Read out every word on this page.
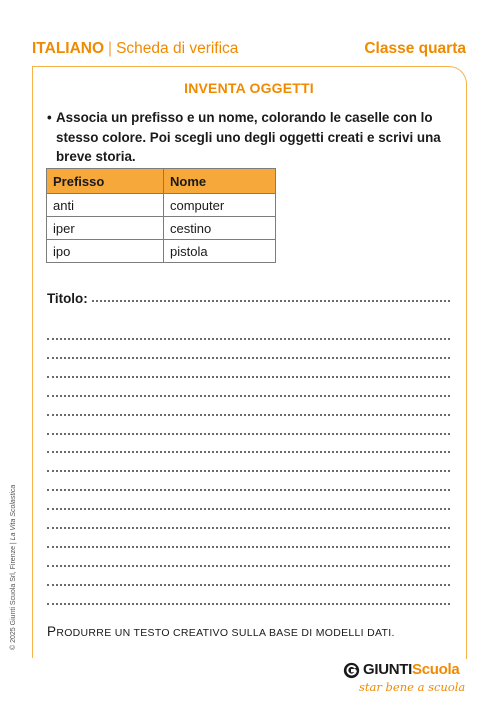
ITALIANO | Scheda di verifica	Classe quarta
INVENTA OGGETTI
• Associa un prefisso e un nome, colorando le caselle con lo stesso colore. Poi scegli uno degli oggetti creati e scrivi una breve storia.
Prefisso	Nome
anti	computer
iper	cestino
ipo	pistola
Titolo:
PRODURRE UN TESTO CREATIVO SULLA BASE DI MODELLI DATI.
© 2025 Giunti Scuola Srl, Firenze | La Vita Scolastica
GIUNTIScuola
star bene a scuola
